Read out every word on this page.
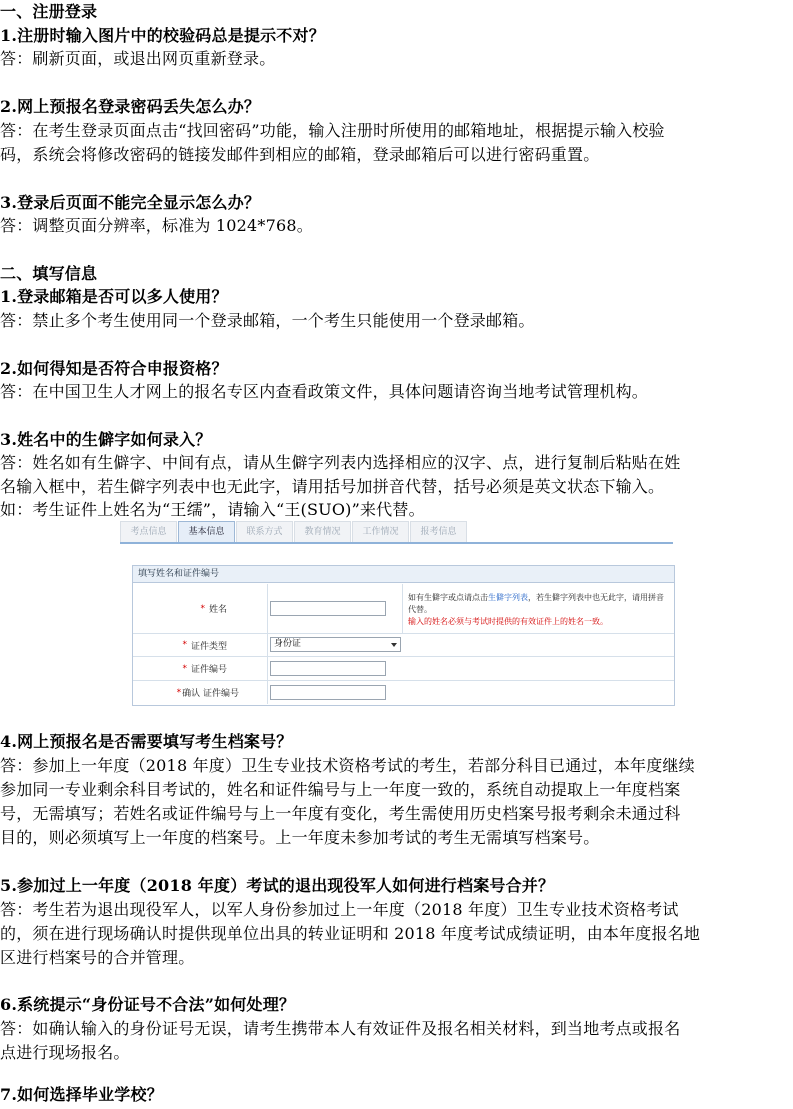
一、注册登录
1.注册时输入图片中的校验码总是提示不对？
答：刷新页面，或退出网页重新登录。
2.网上预报名登录密码丢失怎么办？
答：在考生登录页面点击“找回密码”功能，输入注册时所使用的邮箱地址，根据提示输入校验
码，系统会将修改密码的链接发邮件到相应的邮箱，登录邮箱后可以进行密码重置。
3.登录后页面不能完全显示怎么办？
答：调整页面分辨率，标准为 1024*768。
二、填写信息
1.登录邮箱是否可以多人使用？
答：禁止多个考生使用同一个登录邮箱，一个考生只能使用一个登录邮箱。
2.如何得知是否符合申报资格？
答：在中国卫生人才网上的报名专区内查看政策文件，具体问题请咨询当地考试管理机构。
3.姓名中的生僻字如何录入？
答：姓名如有生僻字、中间有点，请从生僻字列表内选择相应的汉字、点，进行复制后粘贴在姓
名输入框中，若生僻字列表中也无此字，请用括号加拼音代替，括号必须是英文状态下输入。
如：考生证件上姓名为“王𦈡”，请输入“王(SUO)”来代替。
4.网上预报名是否需要填写考生档案号？
答：参加上一年度（2018 年度）卫生专业技术资格考试的考生，若部分科目已通过，本年度继续
参加同一专业剩余科目考试的，姓名和证件编号与上一年度一致的，系统自动提取上一年度档案
号，无需填写；若姓名或证件编号与上一年度有变化，考生需使用历史档案号报考剩余未通过科
目的，则必须填写上一年度的档案号。上一年度未参加考试的考生无需填写档案号。
5.参加过上一年度（2018 年度）考试的退出现役军人如何进行档案号合并？
答：考生若为退出现役军人，以军人身份参加过上一年度（2018 年度）卫生专业技术资格考试
的，须在进行现场确认时提供现单位出具的转业证明和 2018 年度考试成绩证明，由本年度报名地
区进行档案号的合并管理。
6.系统提示“身份证号不合法”如何处理？
答：如确认输入的身份证号无误，请考生携带本人有效证件及报名相关材料，到当地考点或报名
点进行现场报名。
7.如何选择毕业学校？
考点信息	基本信息	联系方式	教育情况	工作情况	报考信息
填写姓名和证件编号
* 姓名
如有生僻字或点请点击生僻字列表，若生僻字列表中也无此字，请用拼音代替。
输入的姓名必须与考试时提供的有效证件上的姓名一致。
* 证件类型	身份证
* 证件编号
* 确认 证件编号
